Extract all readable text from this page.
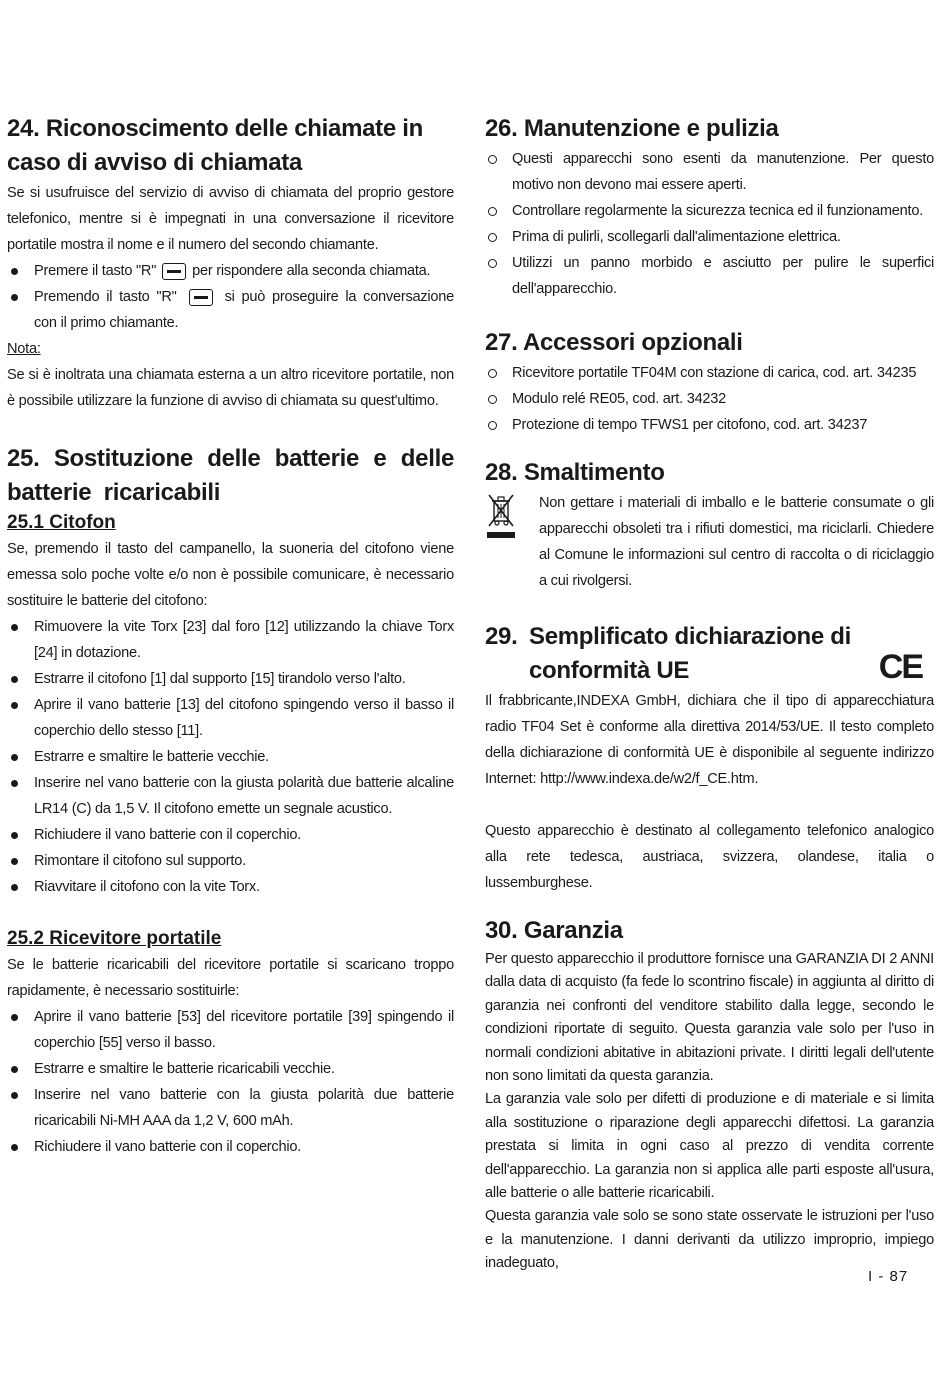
24. Riconoscimento delle chiamate in caso di avviso di chiamata
Se si usufruisce del servizio di avviso di chiamata del proprio gestore telefonico, mentre si è impegnati in una conversazione il ricevitore portatile mostra il nome e il numero del secondo chiamante.
Premere il tasto "R" per rispondere alla seconda chiamata.
Premendo il tasto "R"	si può proseguire la conversazione con il primo chiamante.
Nota:
Se si è inoltrata una chiamata esterna a un altro ricevitore portatile, non è possibile utilizzare la funzione di avviso di chiamata su quest'ultimo.
25. Sostituzione delle batterie e delle batterie ricaricabili
25.1 Citofon
Se, premendo il tasto del campanello, la suoneria del citofono viene emessa solo poche volte e/o non è possibile comunicare, è necessario sostituire le batterie del citofono:
Rimuovere la vite Torx [23] dal foro [12] utilizzando la chiave Torx [24] in dotazione.
Estrarre il citofono [1] dal supporto [15] tirandolo verso l'alto.
Aprire il vano batterie [13] del citofono spingendo verso il basso il coperchio dello stesso [11].
Estrarre e smaltire le batterie vecchie.
Inserire nel vano batterie con la giusta polarità due batterie alcaline LR14 (C) da 1,5 V. Il citofono emette un segnale acustico.
Richiudere il vano batterie con il coperchio.
Rimontare il citofono sul supporto.
Riavvitare il citofono con la vite Torx.
25.2 Ricevitore portatile
Se le batterie ricaricabili del ricevitore portatile si scaricano troppo rapidamente, è necessario sostituirle:
Aprire il vano batterie [53] del ricevitore portatile [39] spingendo il coperchio [55] verso il basso.
Estrarre e smaltire le batterie ricaricabili vecchie.
Inserire nel vano batterie con la giusta polarità due batterie ricaricabili Ni-MH AAA da 1,2 V, 600 mAh.
Richiudere il vano batterie con il coperchio.
26. Manutenzione e pulizia
Questi apparecchi sono esenti da manutenzione. Per questo motivo non devono mai essere aperti.
Controllare regolarmente la sicurezza tecnica ed il funzionamento.
Prima di pulirli, scollegarli dall'alimentazione elettrica.
Utilizzi un panno morbido e asciutto per pulire le superfici dell'apparecchio.
27. Accessori opzionali
Ricevitore portatile TF04M con stazione di carica, cod. art. 34235
Modulo relé RE05, cod. art. 34232
Protezione di tempo TFWS1 per citofono, cod. art. 34237
28. Smaltimento
Non gettare i materiali di imballo e le batterie consumate o gli apparecchi obsoleti tra i rifiuti domestici, ma riciclarli. Chiedere al Comune le informazioni sul centro di raccolta o di riciclaggio a cui rivolgersi.
29. Semplificato dichiarazione di
conformità UE	CE
Il frabbricante,INDEXA GmbH, dichiara che il tipo di apparecchiatura radio TF04 Set è conforme alla direttiva 2014/53/UE. Il testo completo della dichiarazione di conformità UE è disponibile al seguente indirizzo Internet: http://www.indexa.de/w2/f_CE.htm.
Questo apparecchio è destinato al collegamento telefonico analogico alla rete tedesca, austriaca, svizzera, olandese, italia o lussemburghese.
30. Garanzia
Per questo apparecchio il produttore fornisce una GARANZIA DI 2 ANNI dalla data di acquisto (fa fede lo scontrino fiscale) in aggiunta al diritto di garanzia nei confronti del venditore stabilito dalla legge, secondo le condizioni riportate di seguito. Questa garanzia vale solo per l'uso in normali condizioni abitative in abitazioni private. I diritti legali dell'utente non sono limitati da questa garanzia.
La garanzia vale solo per difetti di produzione e di materiale e si limita alla sostituzione o riparazione degli apparecchi difettosi. La garanzia prestata si limita in ogni caso al prezzo di vendita corrente dell'apparecchio. La garanzia non si applica alle parti esposte all'usura, alle batterie o alle batterie ricaricabili.
Questa garanzia vale solo se sono state osservate le istruzioni per l'uso e la manutenzione. I danni derivanti da utilizzo improprio, impiego inadeguato,
I - 87
